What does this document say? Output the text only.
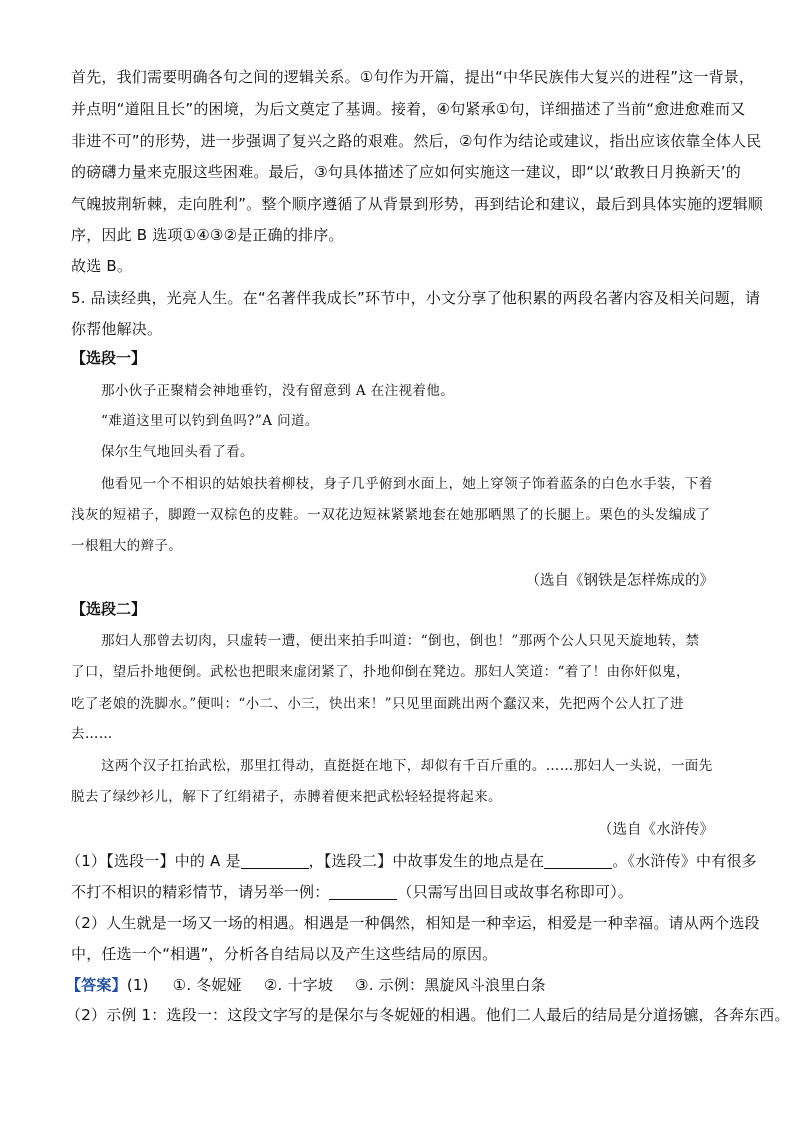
首先，我们需要明确各句之间的逻辑关系。①句作为开篇，提出“中华民族伟大复兴的进程”这一背景，
并点明“道阻且长”的困境，为后文奠定了基调。接着，④句紧承①句，详细描述了当前“愈进愈难而又
非进不可”的形势，进一步强调了复兴之路的艰难。然后，②句作为结论或建议，指出应该依靠全体人民
的磅礴力量来克服这些困难。最后，③句具体描述了应如何实施这一建议，即“以‘敢教日月换新天’的
气魄披荆斩棘，走向胜利”。整个顺序遵循了从背景到形势，再到结论和建议，最后到具体实施的逻辑顺
序，因此 B 选项①④③②是正确的排序。
故选 B。
5. 品读经典，光亮人生。在“名著伴我成长”环节中，小文分享了他积累的两段名著内容及相关问题，请
你帮他解决。
【选段一】
那小伙子正聚精会神地垂钓，没有留意到 A 在注视着他。
“难道这里可以钓到鱼吗?”A 问道。
保尔生气地回头看了看。
他看见一个不相识的姑娘扶着柳枝，身子几乎俯到水面上，她上穿领子饰着蓝条的白色水手装，下着
浅灰的短裙子，脚蹬一双棕色的皮鞋。一双花边短袜紧紧地套在她那晒黑了的长腿上。栗色的头发编成了
一根粗大的辫子。
（选自《钢铁是怎样炼成的》
【选段二】
那妇人那曾去切肉，只虚转一遭，便出来拍手叫道：“倒也，倒也！”那两个公人只见天旋地转，禁
了口，望后扑地便倒。武松也把眼来虚闭紧了，扑地仰倒在凳边。那妇人笑道：“着了！由你奸似鬼，
吃了老娘的洗脚水。”便叫：“小二、小三，快出来！”只见里面跳出两个蠢汉来，先把两个公人扛了进
去……
这两个汉子扛抬武松，那里扛得动，直挺挺在地下，却似有千百斤重的。……那妇人一头说，一面先
脱去了绿纱衫儿，解下了红绢裙子，赤膊着便来把武松轻轻提将起来。
（选自《水浒传》
（1）【选段一】中的 A 是	，【选段二】中故事发生的地点是在	。《水浒传》中有很多
不打不相识的精彩情节，请另举一例：	（只需写出回目或故事名称即可）。
（2）人生就是一场又一场的相遇。相遇是一种偶然，相知是一种幸运，相爱是一种幸福。请从两个选段
中，任选一个“相遇”，分析各自结局以及产生这些结局的原因。
【答案】(1) ①. 冬妮娅 ②. 十字坡 ③. 示例：黑旋风斗浪里白条
（2）示例 1：选段一：这段文字写的是保尔与冬妮娅的相遇。他们二人最后的结局是分道扬镳，各奔东西。
